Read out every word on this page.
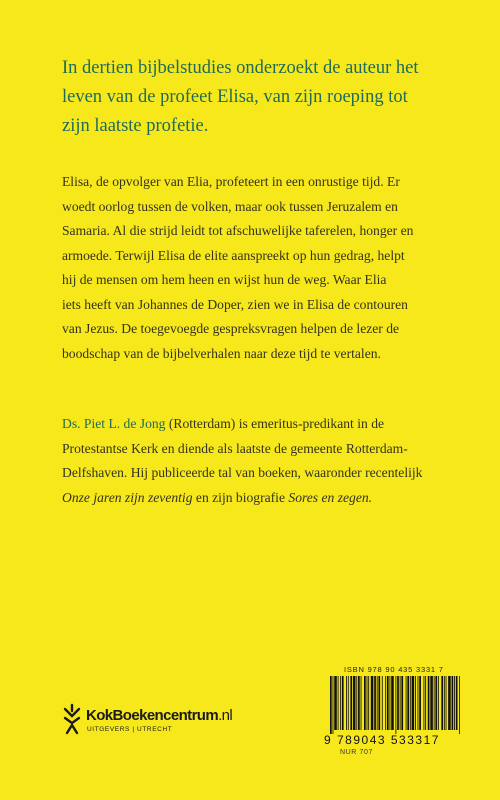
In dertien bijbelstudies onderzoekt de auteur het
leven van de profeet Elisa, van zijn roeping tot
zijn laatste profetie.

Elisa, de opvolger van Elia, profeteert in een onrustige tijd. Er
woedt oorlog tussen de volken, maar ook tussen Jeruzalem en
Samaria. Al die strijd leidt tot afschuwelijke taferelen, honger en
armoede. Terwijl Elisa de elite aanspreekt op hun gedrag, helpt
hij de mensen om hem heen en wijst hun de weg. Waar Elia
iets heeft van Johannes de Doper, zien we in Elisa de contouren
van Jezus. De toegevoegde gespreksvragen helpen de lezer de
boodschap van de bijbelverhalen naar deze tijd te vertalen.

Ds. Piet L. de Jong (Rotterdam) is emeritus-predikant in de
Protestantse Kerk en diende als laatste de gemeente Rotterdam-
Delfshaven. Hij publiceerde tal van boeken, waaronder recentelijk
Onze jaren zijn zeventig en zijn biografie Sores en zegen.

KokBoekencentrum.nl
UITGEVERS | UTRECHT
ISBN 978 90 435 3331 7
9 789043 533317
NUR 707
